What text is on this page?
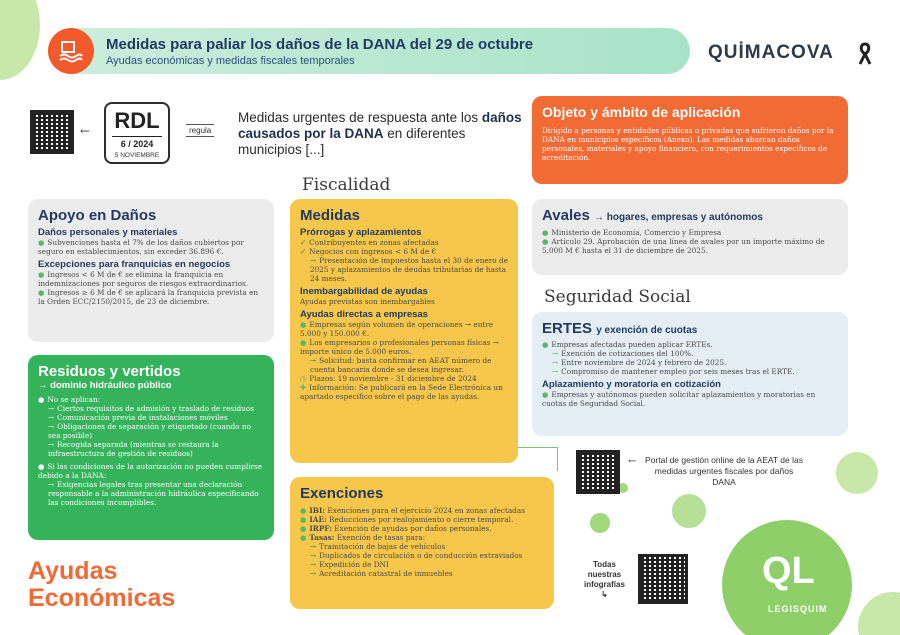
Medidas para paliar los daños de la DANA del 29 de octubre
Ayudas económicas y medidas fiscales temporales	QUİMACOVA
←	RDL
6 / 2024
5 NOVIEMBRE
regula
Medidas urgentes de respuesta ante los daños causados por la DANA en diferentes municipios [...]
Objeto y ámbito de aplicación

Dirigido a personas y entidades públicas o privadas que sufrieron daños por la DANA en municipios específicos (Anexo). Las medidas abarcan daños personales, materiales y apoyo financiero, con requerimientos específicos de acreditación.

Fiscalidad
Apoyo en Daños
Daños personales y materiales
● Subvenciones hasta el 7% de los daños cubiertos por seguro en establecimientos, sin exceder 36.896 €.
Excepciones para franquicias en negocios
● Ingresos < 6 M de € se elimina la franquicia en indemnizaciones por seguros de riesgos extraordinarios.
● Ingresos ≥ 6 M de € se aplicará la franquicia prevista en la Orden ECC/2150/2015, de 23 de diciembre.
Residuos y vertidos
→ dominio hidráulico público
● No se aplican:
→ Ciertos requisitos de admisión y traslado de residuos
→ Comunicación previa de instalaciones móviles
→ Obligaciones de separación y etiquetado (cuando no sea posible)
→ Recogida separada (mientras se restaura la infraestructura de gestión de residuos)
● Si las condiciones de la autorización no pueden cumplirse debido a la DANA:
→ Exigencias legales tras presentar una declaración responsable a la administración hidráulica especificando las condiciones incumplibles.
Medidas
Prórrogas y aplazamientos
✓ Contribuyentes en zonas afectadas
✓ Negocios con ingresos < 6 M de €
→ Presentación de impuestos hasta el 30 de enero de 2025 y aplazamientos de deudas tributarias de hasta 24 meses.
Inembargabilidad de ayudas

Ayudas previstas son inembargables

Ayudas directas a empresas
● Empresas según volumen de operaciones → entre 5.000 y 150.000 €.
● Los empresarios o profesionales personas físicas → importe único de 5.000 euros.
→ Solicitud: basta confirmar en AEAT número de cuenta bancaria donde se desea ingresar.
◷ Plazos: 19 noviembre - 31 diciembre de 2024
✚ Información: Se publicará en la Sede Electrónica un apartado específico sobre el pago de las ayudas.
Exenciones
● IBI: Exenciones para el ejercicio 2024 en zonas afectadas
● IAE: Reducciones por realojamiento o cierre temporal.
● IRPF: Exención de ayudas por daños personales.
● Tasas: Exención de tasas para:
→ Tramitación de bajas de vehículos
→ Duplicados de circulación o de conducción extraviados
→ Expedición de DNI
→ Acreditación catastral de inmuebles
Avales → hogares, empresas y autónomos
● Ministerio de Economía, Comercio y Empresa
● Artículo 29. Aprobación de una línea de avales por un importe máximo de 5.000 M € hasta el 31 de diciembre de 2025.
Seguridad Social
ERTES y exención de cuotas
● Empresas afectadas pueden aplicar ERTEs.
→ Exención de cotizaciones del 100%.
→ Entre noviembre de 2024 y febrero de 2025.
→ Compromiso de mantener empleo por seis meses tras el ERTE.
Aplazamiento y moratoria en cotización
● Empresas y autónomos pueden solicitar aplazamientos y moratorias en cuotas de Seguridad Social.
← Portal de gestión online de la AEAT de las medidas urgentes fiscales por daños DANA
Todas
nuestras
infografías
↳
QL
LEGISQUIM
Ayudas
Económicas
